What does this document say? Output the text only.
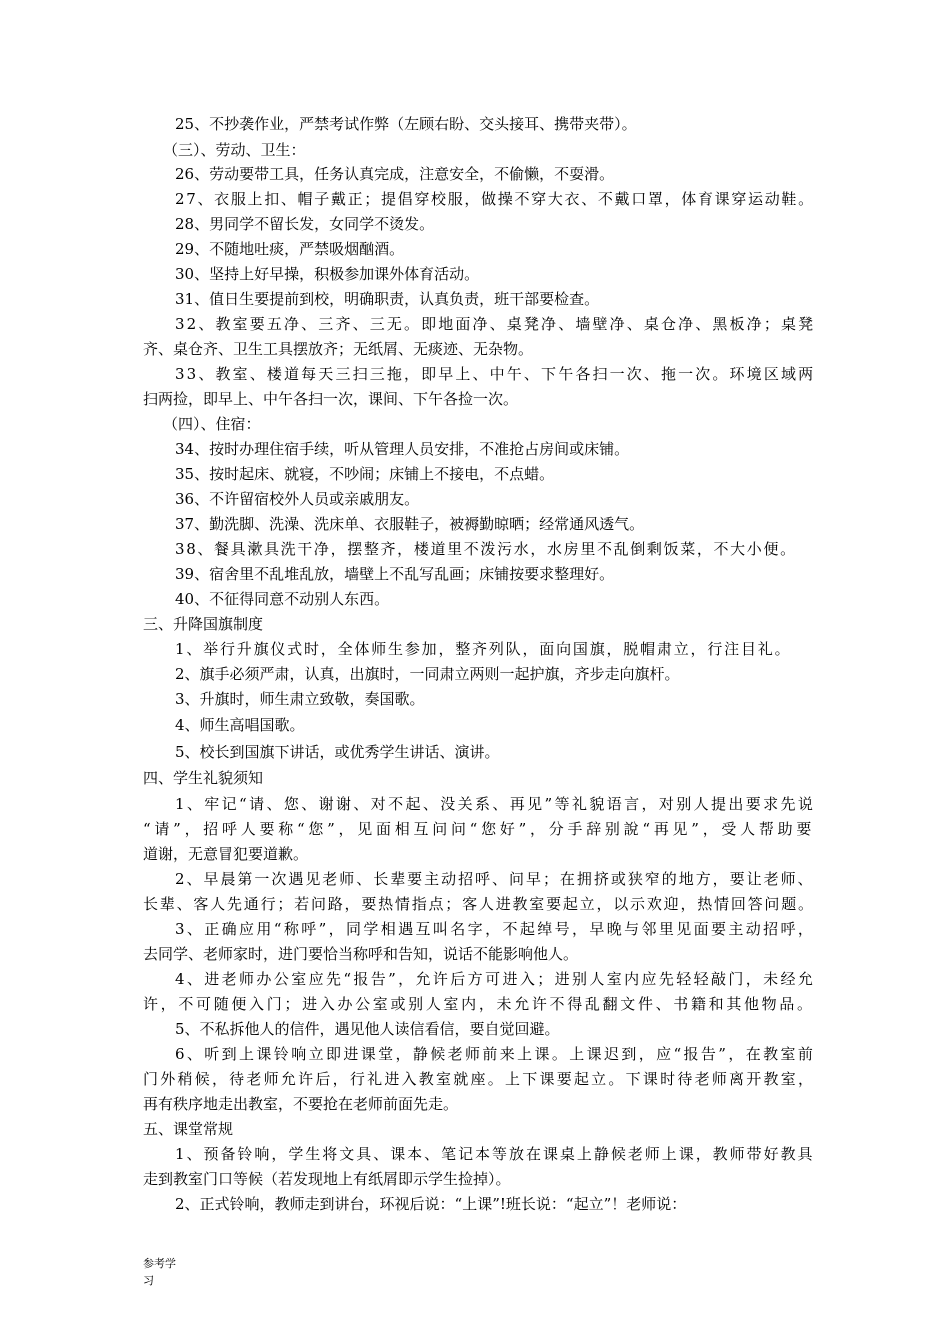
25、不抄袭作业，严禁考试作弊（左顾右盼、交头接耳、携带夹带）。
（三）、劳动、卫生：
26、劳动要带工具，任务认真完成，注意安全，不偷懒，不耍滑。
27、衣服上扣、帽子戴正；提倡穿校服，做操不穿大衣、不戴口罩，体育课穿运动鞋。
28、男同学不留长发，女同学不烫发。
29、不随地吐痰，严禁吸烟酗酒。
30、坚持上好早操，积极参加课外体育活动。
31、值日生要提前到校，明确职责，认真负责，班干部要检查。
32、教室要五净、三齐、三无。即地面净、桌凳净、墙壁净、桌仓净、黑板净；桌凳
齐、桌仓齐、卫生工具摆放齐；无纸屑、无痰迹、无杂物。
33、教室、楼道每天三扫三拖，即早上、中午、下午各扫一次、拖一次。环境区域两
扫两捡，即早上、中午各扫一次，课间、下午各捡一次。
（四）、住宿：
34、按时办理住宿手续，听从管理人员安排，不准抢占房间或床铺。
35、按时起床、就寝，不吵闹；床铺上不接电，不点蜡。
36、不许留宿校外人员或亲戚朋友。
37、勤洗脚、洗澡、洗床单、衣服鞋子，被褥勤晾晒；经常通风透气。
38、餐具漱具洗干净，摆整齐，楼道里不泼污水，水房里不乱倒剩饭菜，不大小便。
39、宿舍里不乱堆乱放，墙壁上不乱写乱画；床铺按要求整理好。
40、不征得同意不动别人东西。
三、升降国旗制度
1、举行升旗仪式时，全体师生参加，整齐列队，面向国旗，脱帽肃立，行注目礼。
2、旗手必须严肃，认真，出旗时，一同肃立两则一起护旗，齐步走向旗杆。
3、升旗时，师生肃立致敬，奏国歌。
4、师生高唱国歌。
5、校长到国旗下讲话，或优秀学生讲话、演讲。
四、学生礼貌须知
1、牢记“请、您、谢谢、对不起、没关系、再见”等礼貌语言，对别人提出要求先说
“请”，招呼人要称“您”，见面相互问问“您好”，分手辞别說“再见”，受人帮助要
道谢，无意冒犯要道歉。
2、早晨第一次遇见老师、长辈要主动招呼、问早；在拥挤或狭窄的地方，要让老师、
长辈、客人先通行；若问路，要热情指点；客人进教室要起立，以示欢迎，热情回答问题。
3、正确应用“称呼”，同学相遇互叫名字，不起绰号，早晚与邻里见面要主动招呼，
去同学、老师家时，进门要恰当称呼和告知，说话不能影响他人。
4、进老师办公室应先“报告”，允许后方可进入；进别人室内应先轻轻敲门，未经允
许，不可随便入门；进入办公室或别人室内，未允许不得乱翻文件、书籍和其他物品。
5、不私拆他人的信件，遇见他人读信看信，要自觉回避。
6、听到上课铃响立即进课堂，静候老师前来上课。上课迟到，应“报告”，在教室前
门外稍候，待老师允许后，行礼进入教室就座。上下课要起立。下课时待老师离开教室，
再有秩序地走出教室，不要抢在老师前面先走。
五、课堂常规
1、预备铃响，学生将文具、课本、笔记本等放在课桌上静候老师上课，教师带好教具
走到教室门口等候（若发现地上有纸屑即示学生捡掉）。
2、正式铃响，教师走到讲台，环视后说：“上课”!班长说：“起立”！老师说：
参考学
习
